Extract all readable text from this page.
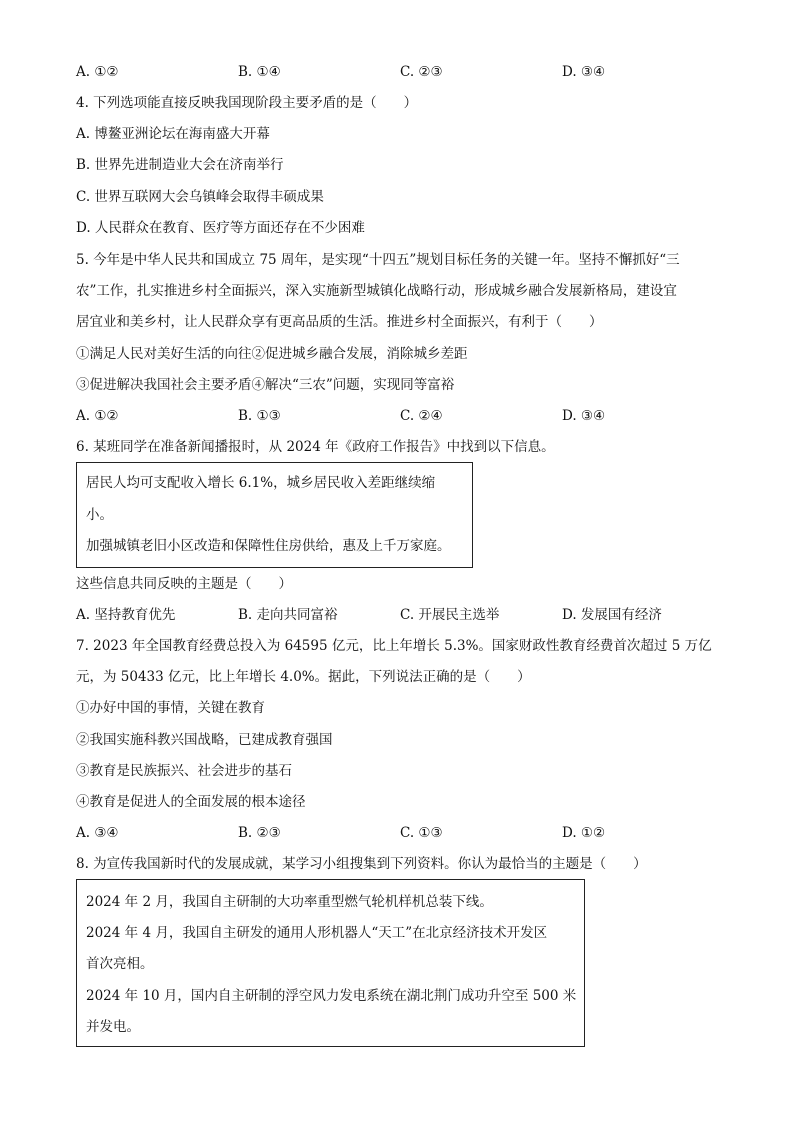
A. ①②	B. ①④	C. ②③	D. ③④
4. 下列选项能直接反映我国现阶段主要矛盾的是（　　）
A. 博鳌亚洲论坛在海南盛大开幕
B. 世界先进制造业大会在济南举行
C. 世界互联网大会乌镇峰会取得丰硕成果
D. 人民群众在教育、医疗等方面还存在不少困难
5. 今年是中华人民共和国成立 75 周年，是实现“十四五”规划目标任务的关键一年。坚持不懈抓好“三
农”工作，扎实推进乡村全面振兴，深入实施新型城镇化战略行动，形成城乡融合发展新格局，建设宜
居宜业和美乡村，让人民群众享有更高品质的生活。推进乡村全面振兴，有利于（　　）
①满足人民对美好生活的向往②促进城乡融合发展，消除城乡差距
③促进解决我国社会主要矛盾④解决“三农”问题，实现同等富裕
A. ①②	B. ①③	C. ②④	D. ③④
6. 某班同学在准备新闻播报时，从 2024 年《政府工作报告》中找到以下信息。
居民人均可支配收入增长 6.1%，城乡居民收入差距继续缩
小。
加强城镇老旧小区改造和保障性住房供给，惠及上千万家庭。
这些信息共同反映的主题是（　　）
A. 坚持教育优先	B. 走向共同富裕	C. 开展民主选举	D. 发展国有经济
7. 2023 年全国教育经费总投入为 64595 亿元，比上年增长 5.3%。国家财政性教育经费首次超过 5 万亿
元，为 50433 亿元，比上年增长 4.0%。据此，下列说法正确的是（　　）
①办好中国的事情，关键在教育
②我国实施科教兴国战略，已建成教育强国
③教育是民族振兴、社会进步的基石
④教育是促进人的全面发展的根本途径
A. ③④	B. ②③	C. ①③	D. ①②
8. 为宣传我国新时代的发展成就，某学习小组搜集到下列资料。你认为最恰当的主题是（　　）
2024 年 2 月，我国自主研制的大功率重型燃气轮机样机总装下线。
2024 年 4 月，我国自主研发的通用人形机器人“天工”在北京经济技术开发区
首次亮相。
2024 年 10 月，国内自主研制的浮空风力发电系统在湖北荆门成功升空至 500 米
并发电。
